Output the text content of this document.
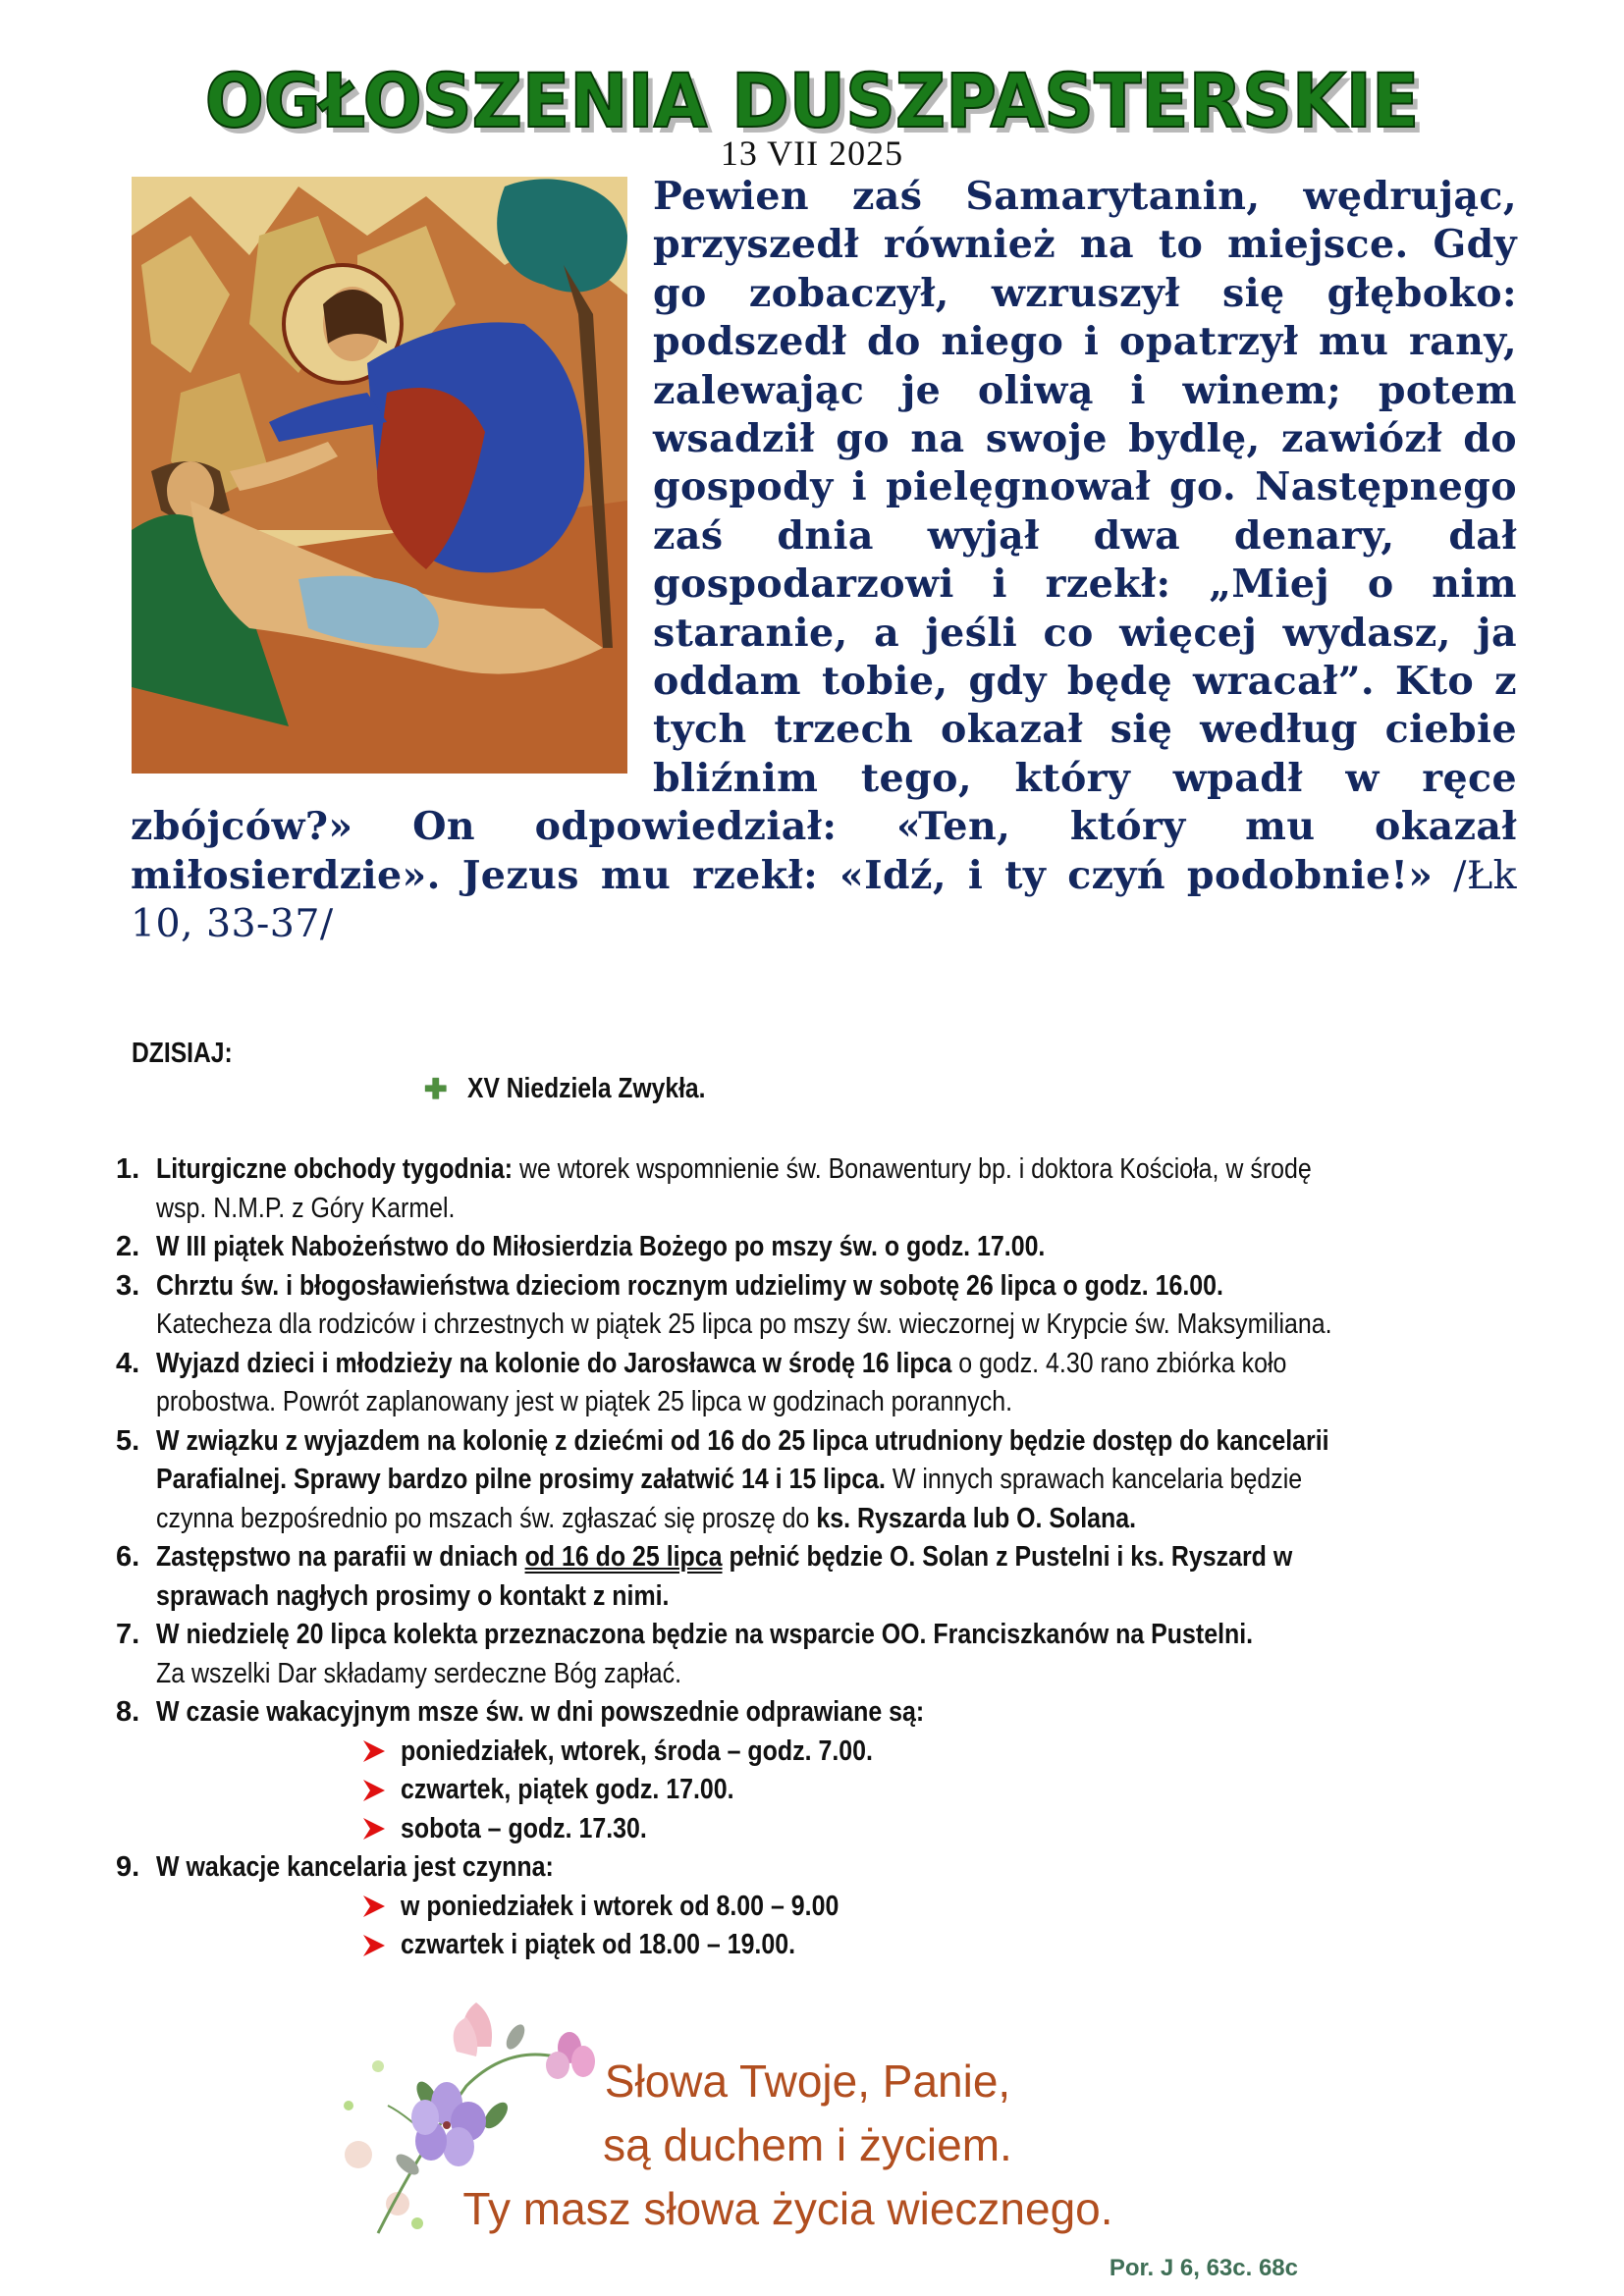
OGŁOSZENIA DUSZPASTERSKIE
13 VII 2025
Pewien zaś Samarytanin, wędrując, przyszedł również na to miejsce. Gdy go zobaczył, wzruszył się głęboko: podszedł do niego i opatrzył mu rany, zalewając je oliwą i winem; potem wsadził go na swoje bydlę, zawiózł do gospody i pielęgnował go. Następnego zaś dnia wyjął dwa denary, dał gospodarzowi i rzekł: „Miej o nim staranie, a jeśli co więcej wydasz, ja oddam tobie, gdy będę wracał”. Kto z tych trzech okazał się według ciebie bliźnim tego, który wpadł w ręce zbójców?» On odpowiedział: «Ten, który mu okazał miłosierdzie». Jezus mu rzekł: «Idź, i ty czyń podobnie!» /Łk 10, 33-37/
DZISIAJ:
✚ XV Niedziela Zwykła.
1. Liturgiczne obchody tygodnia: we wtorek wspomnienie św. Bonawentury bp. i doktora Kościoła, w środę wsp. N.M.P. z Góry Karmel.
2. W III piątek Nabożeństwo do Miłosierdzia Bożego po mszy św. o godz. 17.00.
3. Chrztu św. i błogosławieństwa dzieciom rocznym udzielimy w sobotę 26 lipca o godz. 16.00. Katecheza dla rodziców i chrzestnych w piątek 25 lipca po mszy św. wieczornej w Krypcie św. Maksymiliana.
4. Wyjazd dzieci i młodzieży na kolonie do Jarosławca w środę 16 lipca o godz. 4.30 rano zbiórka koło probostwa. Powrót zaplanowany jest w piątek 25 lipca w godzinach porannych.
5. W związku z wyjazdem na kolonię z dziećmi od 16 do 25 lipca utrudniony będzie dostęp do kancelarii Parafialnej. Sprawy bardzo pilne prosimy załatwić 14 i 15 lipca. W innych sprawach kancelaria będzie czynna bezpośrednio po mszach św. zgłaszać się proszę do ks. Ryszarda lub O. Solana.
6. Zastępstwo na parafii w dniach od 16 do 25 lipca pełnić będzie O. Solan z Pustelni i ks. Ryszard w sprawach nagłych prosimy o kontakt z nimi.
7. W niedzielę 20 lipca kolekta przeznaczona będzie na wsparcie OO. Franciszkanów na Pustelni.
Za wszelki Dar składamy serdeczne Bóg zapłać.
8. W czasie wakacyjnym msze św. w dni powszednie odprawiane są:
poniedziałek, wtorek, środa – godz. 7.00.
czwartek, piątek godz. 17.00.
sobota – godz. 17.30.
9. W wakacje kancelaria jest czynna:
w poniedziałek i wtorek od 8.00 – 9.00
czwartek i piątek od 18.00 – 19.00.
Słowa Twoje, Panie,
są duchem i życiem.
Ty masz słowa życia wiecznego.
Por. J 6, 63c. 68c
